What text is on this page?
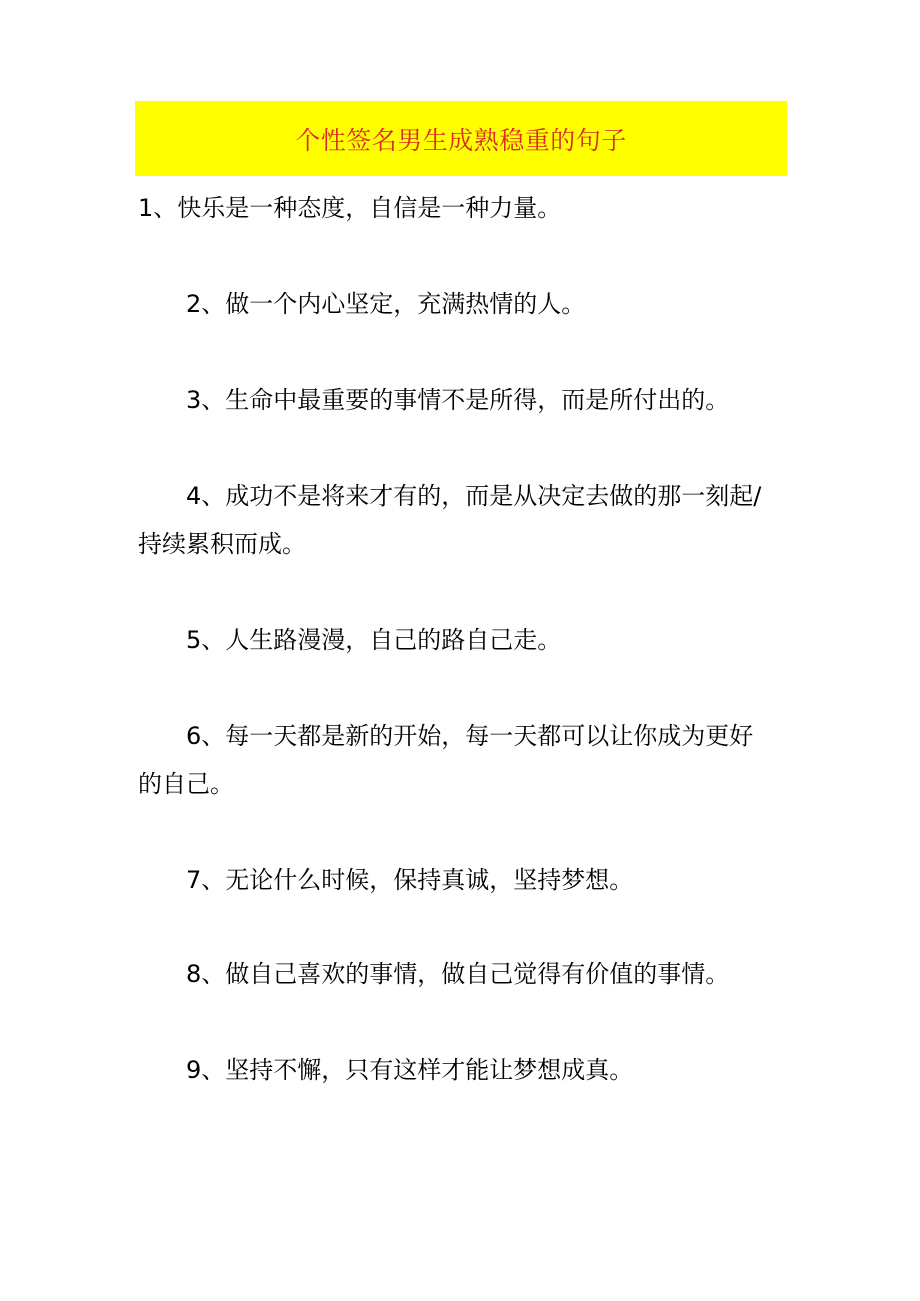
个性签名男生成熟稳重的句子
1、快乐是一种态度，自信是一种力量。
2、做一个内心坚定，充满热情的人。
3、生命中最重要的事情不是所得，而是所付出的。
4、成功不是将来才有的，而是从决定去做的那一刻起/
持续累积而成。
5、人生路漫漫，自己的路自己走。
6、每一天都是新的开始，每一天都可以让你成为更好
的自己。
7、无论什么时候，保持真诚，坚持梦想。
8、做自己喜欢的事情，做自己觉得有价值的事情。
9、坚持不懈，只有这样才能让梦想成真。
